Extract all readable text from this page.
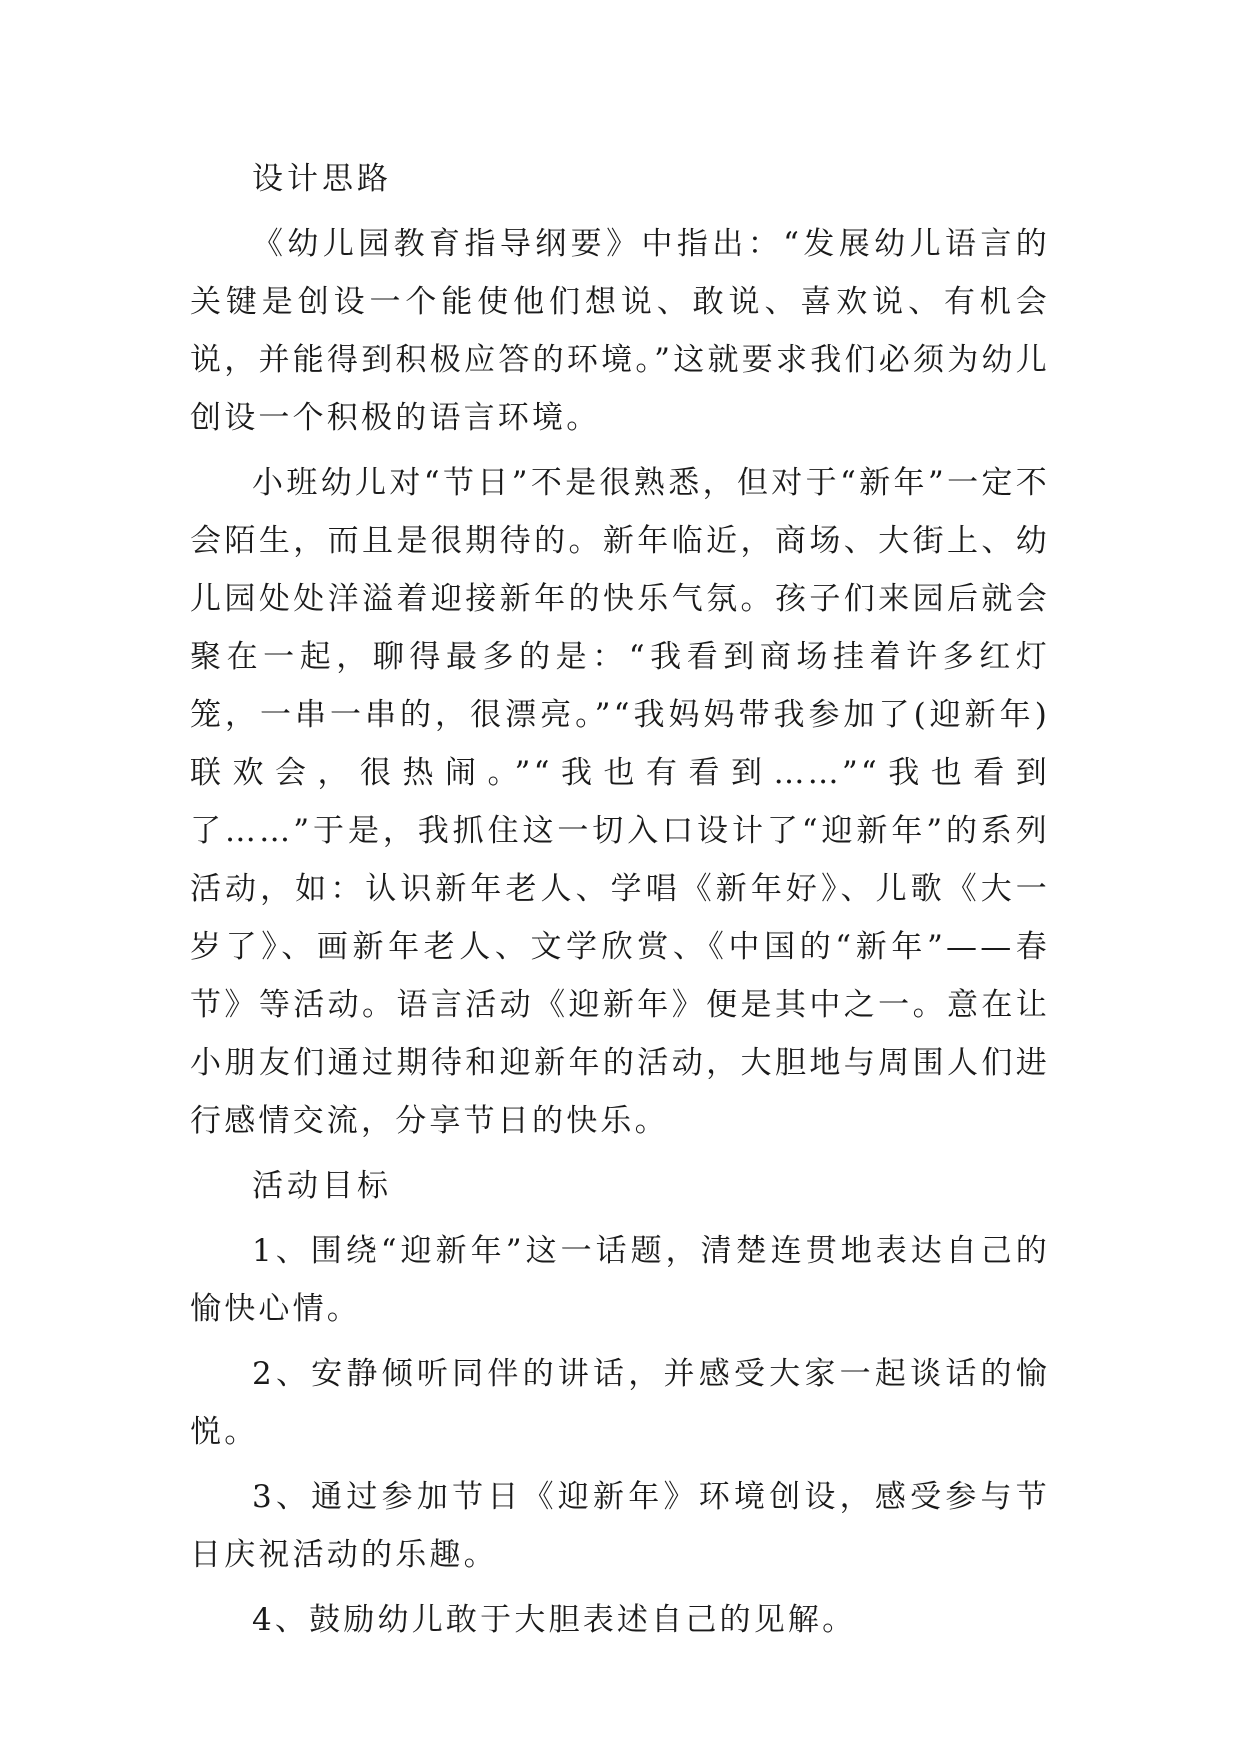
设计思路

《幼儿园教育指导纲要》中指出：“发展幼儿语言的关键是创设一个能使他们想说、敢说、喜欢说、有机会说，并能得到积极应答的环境。”这就要求我们必须为幼儿创设一个积极的语言环境。

小班幼儿对“节日”不是很熟悉，但对于“新年”一定不会陌生，而且是很期待的。新年临近，商场、大街上、幼儿园处处洋溢着迎接新年的快乐气氛。孩子们来园后就会聚在一起，聊得最多的是：“我看到商场挂着许多红灯笼，一串一串的，很漂亮。”“我妈妈带我参加了(迎新年)联欢会，很热闹。”“我也有看到……”“我也看到了……”于是，我抓住这一切入口设计了“迎新年”的系列活动，如：认识新年老人、学唱《新年好》、儿歌《大一岁了》、画新年老人、文学欣赏、《中国的“新年”——春节》等活动。语言活动《迎新年》便是其中之一。意在让小朋友们通过期待和迎新年的活动，大胆地与周围人们进行感情交流，分享节日的快乐。

活动目标

1、围绕“迎新年”这一话题，清楚连贯地表达自己的愉快心情。

2、安静倾听同伴的讲话，并感受大家一起谈话的愉悦。

3、通过参加节日《迎新年》环境创设，感受参与节日庆祝活动的乐趣。

4、鼓励幼儿敢于大胆表述自己的见解。
